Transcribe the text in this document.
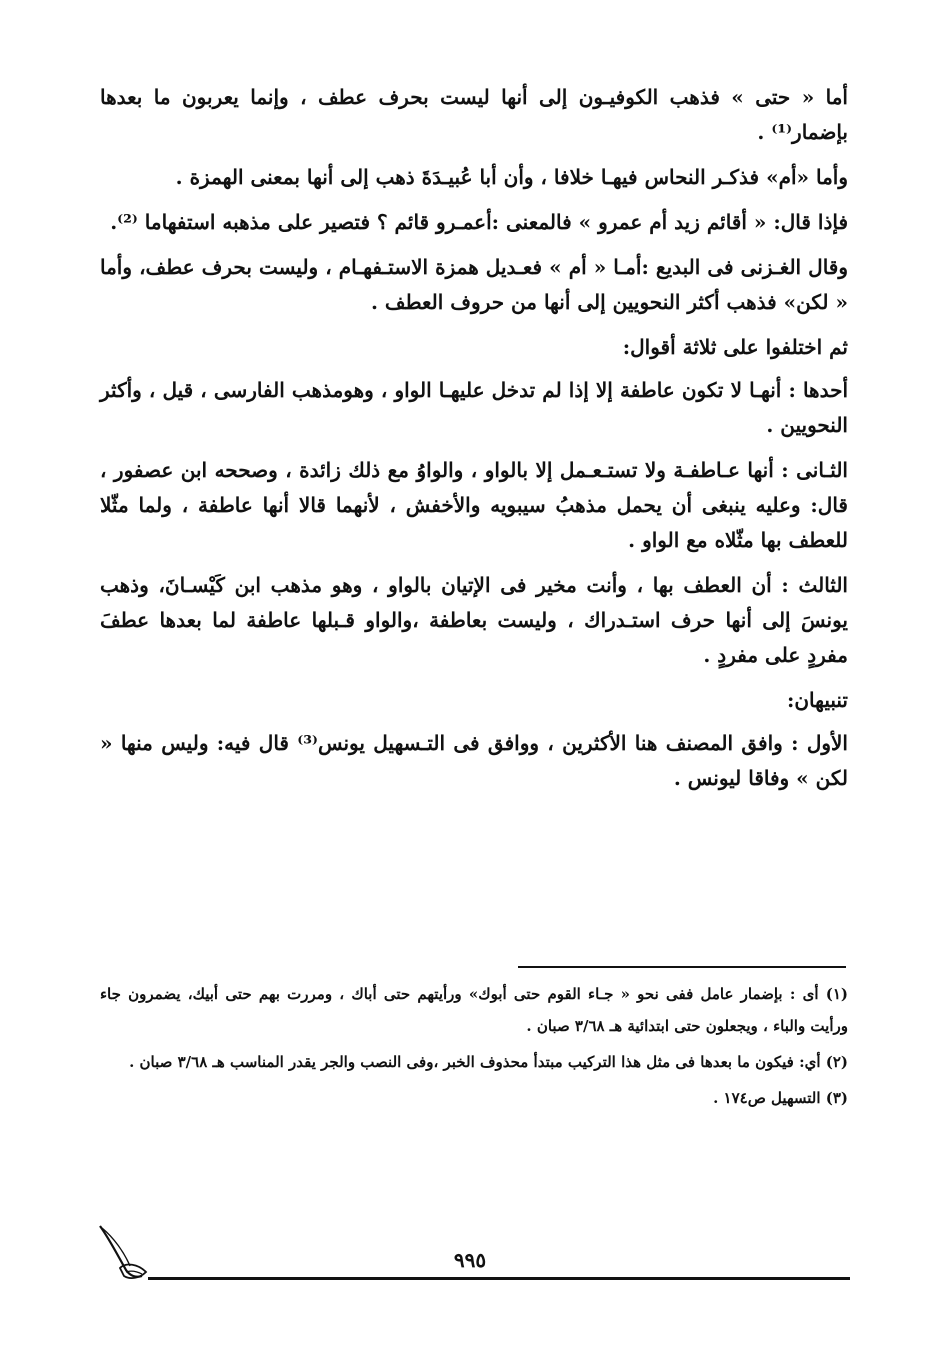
أما « حتى » فذهب الكوفيـون إلى أنها ليست بحرف عطف ، وإنما يعربون ما بعدها بإضمار⁽¹⁾ .

وأما «أم» فذكـر النحاس فيهـا خلافا ، وأن أبا عُبيـدَةَ ذهب إلى أنها بمعنى الهمزة .

فإذا قال: « أقائم زيد أم عمرو » فالمعنى :أعمـرو قائم ؟ فتصير على مذهبه استفهاما ⁽²⁾.

وقال الغـزنى فى البديع :أمـا « أم » فعـديل همزة الاستـفهـام ، وليست بحرف عطف، وأما « لكن» فذهب أكثر النحويين إلى أنها من حروف العطف .

ثم اختلفوا على ثلاثة أقوال:

أحدها : أنهـا لا تكون عاطفة إلا إذا لم تدخل عليهـا الواو ، وهومذهب الفارسى ، قيل ، وأكثر النحويين .

الثـانى : أنها عـاطفـة ولا تستـعـمل إلا بالواو ، والواوُ مع ذلك زائدة ، وصححه ابن عصفور ، قال: وعليه ينبغى أن يحمل مذهبُ سيبويه والأخفش ، لأنهما قالا أنها عاطفة ، ولما مثّلا للعطف بها مثّلاه مع الواو .

الثالث : أن العطف بها ، وأنت مخير فى الإتيان بالواو ، وهو مذهب ابن كَيْسـانَ، وذهب يونسَ إلى أنها حرف استـدراك ، وليست بعاطفة ،والواو قـبلها عاطفة لما بعدها عطفَ مفردٍ على مفردٍ .

تنبيهان:

الأول : وافق المصنف هنا الأكثرين ، ووافق فى التـسهيل يونس⁽³⁾ قال فيه: وليس منها « لكن » وفاقا ليونس .

(١) أى : بإضمار عامل ففى نحو « جـاء القوم حتى أبوك» ورأيتهم حتى أباك ، ومررت بهم حتى أبيك، يضمرون جاء ورأيت والباء ، ويجعلون حتى ابتدائية هـ ٣/٦٨ صبان .

(٢) أي: فيكون ما بعدها فى مثل هذا التركيب مبتدأ محذوف الخبر ،وفى النصب والجر يقدر المناسب هـ ٣/٦٨ صبان .

(٣) التسهيل ص١٧٤ .

٩٩٥
